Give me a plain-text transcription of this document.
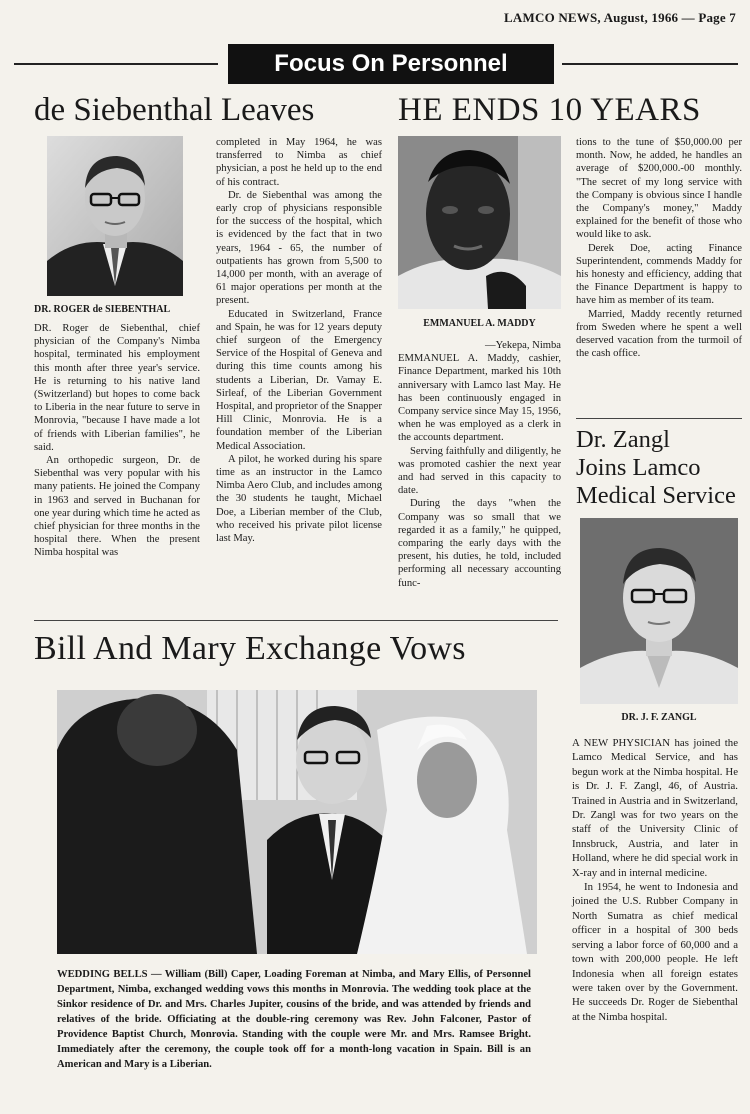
LAMCO NEWS, August, 1966 — Page 7
Focus On Personnel
de Siebenthal Leaves
DR. ROGER de SIEBENTHAL

DR. Roger de Siebenthal, chief physician of the Company's Nimba hospital, terminated his employment this month after three year's service. He is returning to his native land (Switzerland) but hopes to come back to Liberia in the near future to serve in Monrovia, "because I have made a lot of friends with Liberian families", he said.

An orthopedic surgeon, Dr. de Siebenthal was very popular with his many patients. He joined the Company in 1963 and served in Buchanan for one year during which time he acted as chief physician for three months in the hospital there. When the present Nimba hospital was

completed in May 1964, he was transferred to Nimba as chief physician, a post he held up to the end of his contract.

Dr. de Siebenthal was among the early crop of physicians responsible for the success of the hospital, which is evidenced by the fact that in two years, 1964 - 65, the number of outpatients has grown from 5,500 to 14,000 per month, with an average of 61 major operations per month at the present.

Educated in Switzerland, France and Spain, he was for 12 years deputy chief surgeon of the Emergency Service of the Hospital of Geneva and during this time counts among his students a Liberian, Dr. Vamay E. Sirleaf, of the Liberian Government Hospital, and proprietor of the Snapper Hill Clinic, Monrovia. He is a foundation member of the Liberian Medical Association.

A pilot, he worked during his spare time as an instructor in the Lamco Nimba Aero Club, and includes among the 30 students he taught, Michael Doe, a Liberian member of the Club, who received his private pilot license last May.

HE ENDS 10 YEARS
EMMANUEL A. MADDY

—Yekepa, Nimba

EMMANUEL A. Maddy, cashier, Finance Department, marked his 10th anniversary with Lamco last May. He has been continuously engaged in Company service since May 15, 1956, when he was employed as a clerk in the accounts department.

Serving faithfully and diligently, he was promoted cashier the next year and had served in this capacity to date.

During the days "when the Company was so small that we regarded it as a family," he quipped, comparing the early days with the present, his duties, he told, included performing all necessary accounting func-

tions to the tune of $50,000.00 per month. Now, he added, he handles an average of $200,000.-00 monthly. "The secret of my long service with the Company is obvious since I handle the Company's money," Maddy explained for the benefit of those who would like to ask.

Derek Doe, acting Finance Superintendent, commends Maddy for his honesty and efficiency, adding that the Finance Department is happy to have him as member of its team.

Married, Maddy recently returned from Sweden where he spent a well deserved vacation from the turmoil of the cash office.

Dr. Zangl
Joins Lamco
Medical Service
DR. J. F. ZANGL

A NEW PHYSICIAN has joined the Lamco Medical Service, and has begun work at the Nimba hospital. He is Dr. J. F. Zangl, 46, of Austria. Trained in Austria and in Switzerland, Dr. Zangl was for two years on the staff of the University Clinic of Innsbruck, Austria, and later in Holland, where he did special work in X-ray and in internal medicine.

In 1954, he went to Indonesia and joined the U.S. Rubber Company in North Sumatra as chief medical officer in a hospital of 300 beds serving a labor force of 60,000 and a town with 200,000 people. He left Indonesia when all foreign estates were taken over by the Government. He succeeds Dr. Roger de Siebenthal at the Nimba hospital.

Bill And Mary Exchange Vows
WEDDING BELLS — William (Bill) Caper, Loading Foreman at Nimba, and Mary Ellis, of Personnel Department, Nimba, exchanged wedding vows this months in Monrovia. The wedding took place at the Sinkor residence of Dr. and Mrs. Charles Jupiter, cousins of the bride, and was attended by friends and relatives of the bride. Officiating at the double-ring ceremony was Rev. John Falconer, Pastor of Providence Baptist Church, Monrovia. Standing with the couple were Mr. and Mrs. Ramsee Bright. Immediately after the ceremony, the couple took off for a month-long vacation in Spain. Bill is an American and Mary is a Liberian.
